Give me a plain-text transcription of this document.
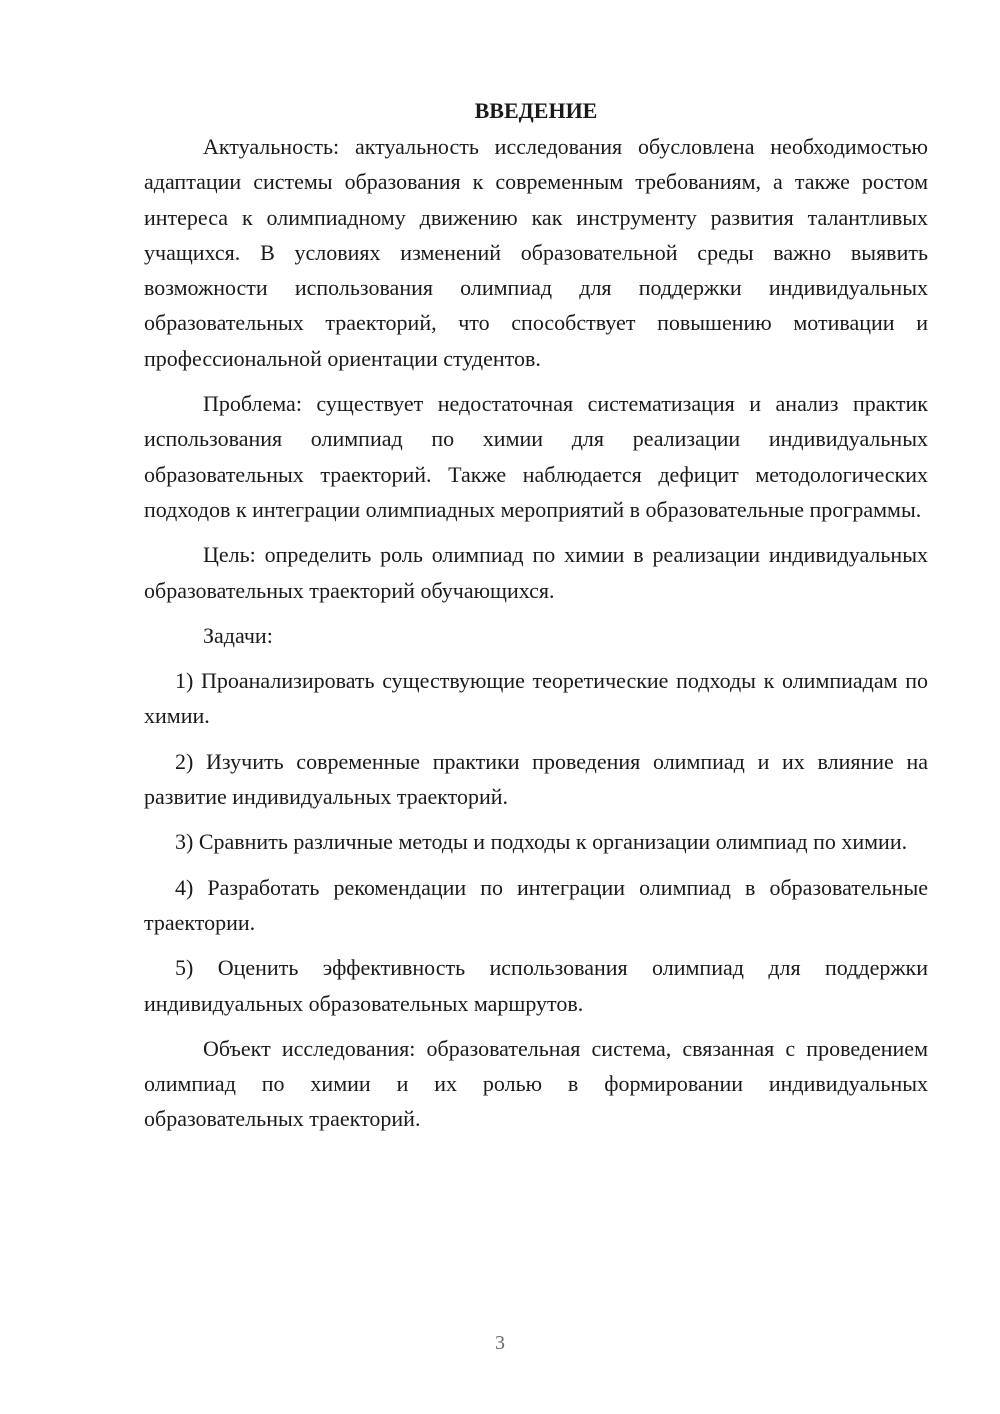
ВВЕДЕНИЕ

Актуальность: актуальность исследования обусловлена необходимостью адаптации системы образования к современным требованиям, а также ростом интереса к олимпиадному движению как инструменту развития талантливых учащихся. В условиях изменений образовательной среды важно выявить возможности использования олимпиад для поддержки индивидуальных образовательных траекторий, что способствует повышению мотивации и профессиональной ориентации студентов.

Проблема: существует недостаточная систематизация и анализ практик использования олимпиад по химии для реализации индивидуальных образовательных траекторий. Также наблюдается дефицит методологических подходов к интеграции олимпиадных мероприятий в образовательные программы.

Цель: определить роль олимпиад по химии в реализации индивидуальных образовательных траекторий обучающихся.

Задачи:

1) Проанализировать существующие теоретические подходы к олимпиадам по химии.

2) Изучить современные практики проведения олимпиад и их влияние на развитие индивидуальных траекторий.

3) Сравнить различные методы и подходы к организации олимпиад по химии.

4) Разработать рекомендации по интеграции олимпиад в образовательные траектории.

5) Оценить эффективность использования олимпиад для поддержки индивидуальных образовательных маршрутов.

Объект исследования: образовательная система, связанная с проведением олимпиад по химии и их ролью в формировании индивидуальных образовательных траекторий.

3
